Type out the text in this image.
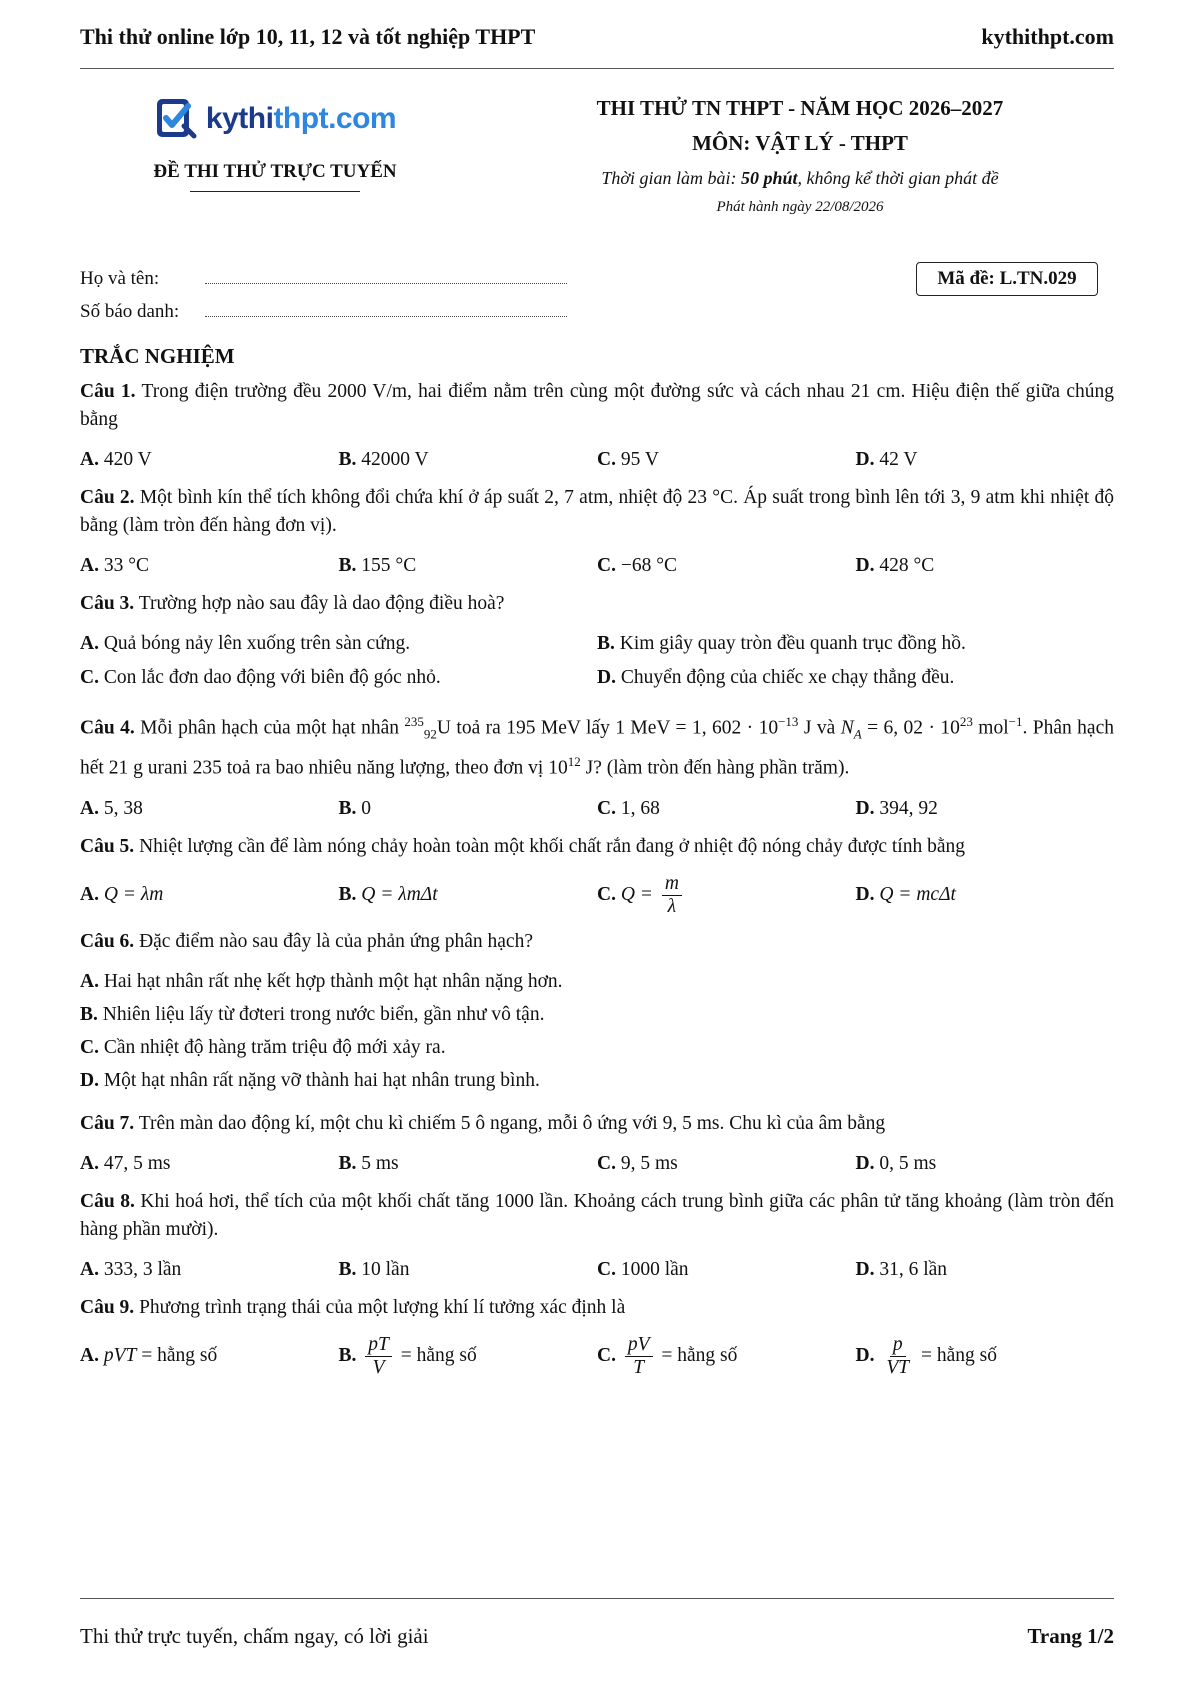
Thi thử online lớp 10, 11, 12 và tốt nghiệp THPT	kythithpt.com
kythithpt.com
ĐỀ THI THỬ TRỰC TUYẾN
THI THỬ TN THPT - NĂM HỌC 2026–2027
MÔN: VẬT LÝ - THPT
Thời gian làm bài: 50 phút, không kể thời gian phát đề
Phát hành ngày 22/08/2026
Họ và tên:
Số báo danh:
Mã đề: L.TN.029
TRẮC NGHIỆM
Câu 1. Trong điện trường đều 2000 V/m, hai điểm nằm trên cùng một đường sức và cách nhau 21 cm. Hiệu điện thế giữa chúng bằng
A. 420 V	B. 42000 V	C. 95 V	D. 42 V
Câu 2. Một bình kín thể tích không đổi chứa khí ở áp suất 2, 7 atm, nhiệt độ 23 °C. Áp suất trong bình lên tới 3, 9 atm khi nhiệt độ bằng (làm tròn đến hàng đơn vị).
A. 33 °C	B. 155 °C	C. −68 °C	D. 428 °C
Câu 3. Trường hợp nào sau đây là dao động điều hoà?
A. Quả bóng nảy lên xuống trên sàn cứng.	B. Kim giây quay tròn đều quanh trục đồng hồ.
C. Con lắc đơn dao động với biên độ góc nhỏ.	D. Chuyển động của chiếc xe chạy thẳng đều.
Câu 4. Mỗi phân hạch của một hạt nhân $^{235}_{92}$U toả ra 195 MeV lấy 1 MeV = 1, $602 \cdot 10^{-13}$ J và $N_A = 6$, $02 \cdot 10^{23}$ mol$^{-1}$. Phân hạch hết 21 g urani 235 toả ra bao nhiêu năng lượng, theo đơn vị $10^{12}$ J? (làm tròn đến hàng phần trăm).
A. 5, 38	B. 0	C. 1, 68	D. 394, 92
Câu 5. Nhiệt lượng cần để làm nóng chảy hoàn toàn một khối chất rắn đang ở nhiệt độ nóng chảy được tính bằng
A. Q = λm	B. Q = λmΔt	C. $Q = \frac{m}{\lambda}$	D. Q = mcΔt
Câu 6. Đặc điểm nào sau đây là của phản ứng phân hạch?
A. Hai hạt nhân rất nhẹ kết hợp thành một hạt nhân nặng hơn.
B. Nhiên liệu lấy từ đơteri trong nước biển, gần như vô tận.
C. Cần nhiệt độ hàng trăm triệu độ mới xảy ra.
D. Một hạt nhân rất nặng vỡ thành hai hạt nhân trung bình.
Câu 7. Trên màn dao động kí, một chu kì chiếm 5 ô ngang, mỗi ô ứng với 9, 5 ms. Chu kì của âm bằng
A. 47, 5 ms	B. 5 ms	C. 9, 5 ms	D. 0, 5 ms
Câu 8. Khi hoá hơi, thể tích của một khối chất tăng 1000 lần. Khoảng cách trung bình giữa các phân tử tăng khoảng (làm tròn đến hàng phần mười).
A. 333, 3 lần	B. 10 lần	C. 1000 lần	D. 31, 6 lần
Câu 9. Phương trình trạng thái của một lượng khí lí tưởng xác định là
A. pVT = hằng số	B. $\frac{pT}{V}$ = hằng số	C. $\frac{pV}{T}$ = hằng số	D. $\frac{p}{VT}$ = hằng số
Thi thử trực tuyến, chấm ngay, có lời giải	Trang 1/2
